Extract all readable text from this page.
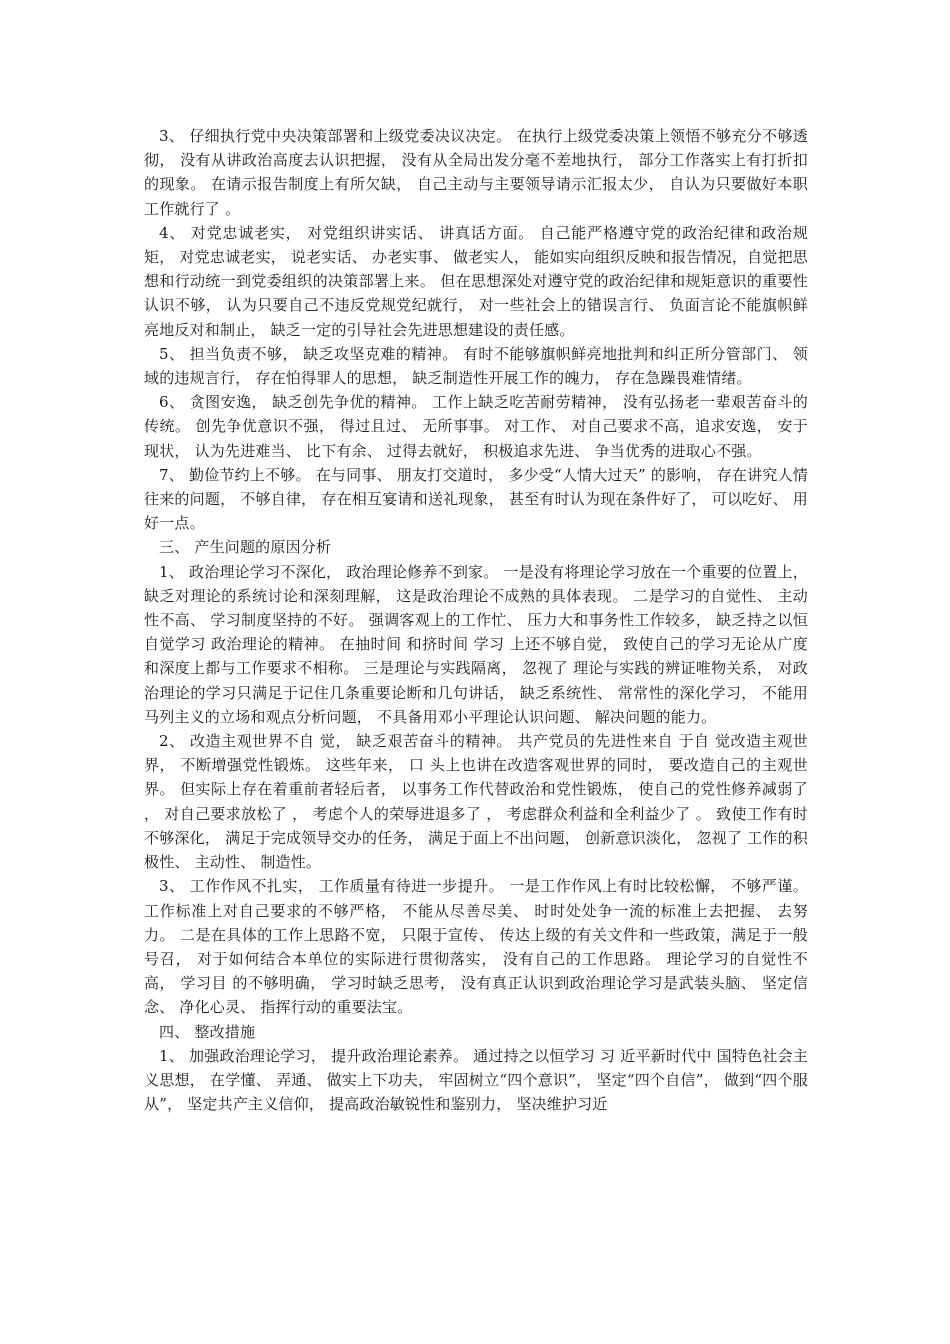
3、 仔细执行党中央决策部署和上级党委决议决定。 在执行上级党委决策上领悟不够充分不够透彻， 没有从讲政治高度去认识把握， 没有从全局出发分毫不差地执行， 部分工作落实上有打折扣的现象。 在请示报告制度上有所欠缺， 自己主动与主要领导请示汇报太少， 自认为只要做好本职工作就行了 。

4、 对党忠诚老实， 对党组织讲实话、 讲真话方面。 自己能严格遵守党的政治纪律和政治规矩， 对党忠诚老实， 说老实话、 办老实事、 做老实人， 能如实向组织反映和报告情况，自觉把思想和行动统一到党委组织的决策部署上来。 但在思想深处对遵守党的政治纪律和规矩意识的重要性认识不够， 认为只要自己不违反党规党纪就行， 对一些社会上的错误言行、 负面言论不能旗帜鲜亮地反对和制止， 缺乏一定的引导社会先进思想建设的责任感。

5、 担当负责不够， 缺乏攻坚克难的精神。 有时不能够旗帜鲜亮地批判和纠正所分管部门、 领域的违规言行， 存在怕得罪人的思想， 缺乏制造性开展工作的魄力， 存在急躁畏难情绪。

6、 贪图安逸， 缺乏创先争优的精神。 工作上缺乏吃苦耐劳精神， 没有弘扬老一辈艰苦奋斗的传统。 创先争优意识不强， 得过且过、 无所事事。 对工作、 对自己要求不高，追求安逸， 安于现状， 认为先进难当、 比下有余、 过得去就好， 积极追求先进、 争当优秀的进取心不强。

7、 勤俭节约上不够。 在与同事、 朋友打交道时， 多少受“人情大过天” 的影响， 存在讲究人情往来的问题， 不够自律， 存在相互宴请和送礼现象， 甚至有时认为现在条件好了， 可以吃好、 用好一点。

三、 产生问题的原因分析

1、 政治理论学习不深化， 政治理论修养不到家。 一是没有将理论学习放在一个重要的位置上， 缺乏对理论的系统讨论和深刻理解， 这是政治理论不成熟的具体表现。 二是学习的自觉性、 主动性不高、 学习制度坚持的不好。 强调客观上的工作忙、 压力大和事务性工作较多， 缺乏持之以恒自觉学习 政治理论的精神。 在抽时间 和挤时间 学习 上还不够自觉， 致使自己的学习无论从广度和深度上都与工作要求不相称。 三是理论与实践隔离， 忽视了 理论与实践的辨证唯物关系， 对政治理论的学习只满足于记住几条重要论断和几句讲话， 缺乏系统性、 常常性的深化学习， 不能用马列主义的立场和观点分析问题， 不具备用邓小平理论认识问题、 解决问题的能力。

2、 改造主观世界不自 觉， 缺乏艰苦奋斗的精神。 共产党员的先进性来自 于自 觉改造主观世界， 不断增强党性锻炼。 这些年来， 口 头上也讲在改造客观世界的同时， 要改造自己的主观世界。 但实际上存在着重前者轻后者， 以事务工作代替政治和党性锻炼， 使自己的党性修养减弱了 ， 对自己要求放松了 ， 考虑个人的荣辱进退多了 ， 考虑群众利益和全利益少了 。 致使工作有时不够深化， 满足于完成领导交办的任务， 满足于面上不出问题， 创新意识淡化， 忽视了 工作的积极性、 主动性、 制造性。

3、 工作作风不扎实， 工作质量有待进一步提升。 一是工作作风上有时比较松懈， 不够严谨。 工作标准上对自己要求的不够严格， 不能从尽善尽美、 时时处处争一流的标准上去把握、 去努力。 二是在具体的工作上思路不宽， 只限于宣传、 传达上级的有关文件和一些政策，满足于一般号召， 对于如何结合本单位的实际进行贯彻落实， 没有自己的工作思路。 理论学习的自觉性不高， 学习目 的不够明确， 学习时缺乏思考， 没有真正认识到政治理论学习是武装头脑、 坚定信念、 净化心灵、 指挥行动的重要法宝。

四、 整改措施

1、 加强政治理论学习， 提升政治理论素养。 通过持之以恒学习 习 近平新时代中 国特色社会主义思想， 在学懂、 弄通、 做实上下功夫， 牢固树立“四个意识”， 坚定“四个自信”， 做到“四个服从”， 坚定共产主义信仰， 提高政治敏锐性和鉴别力， 坚决维护习近
